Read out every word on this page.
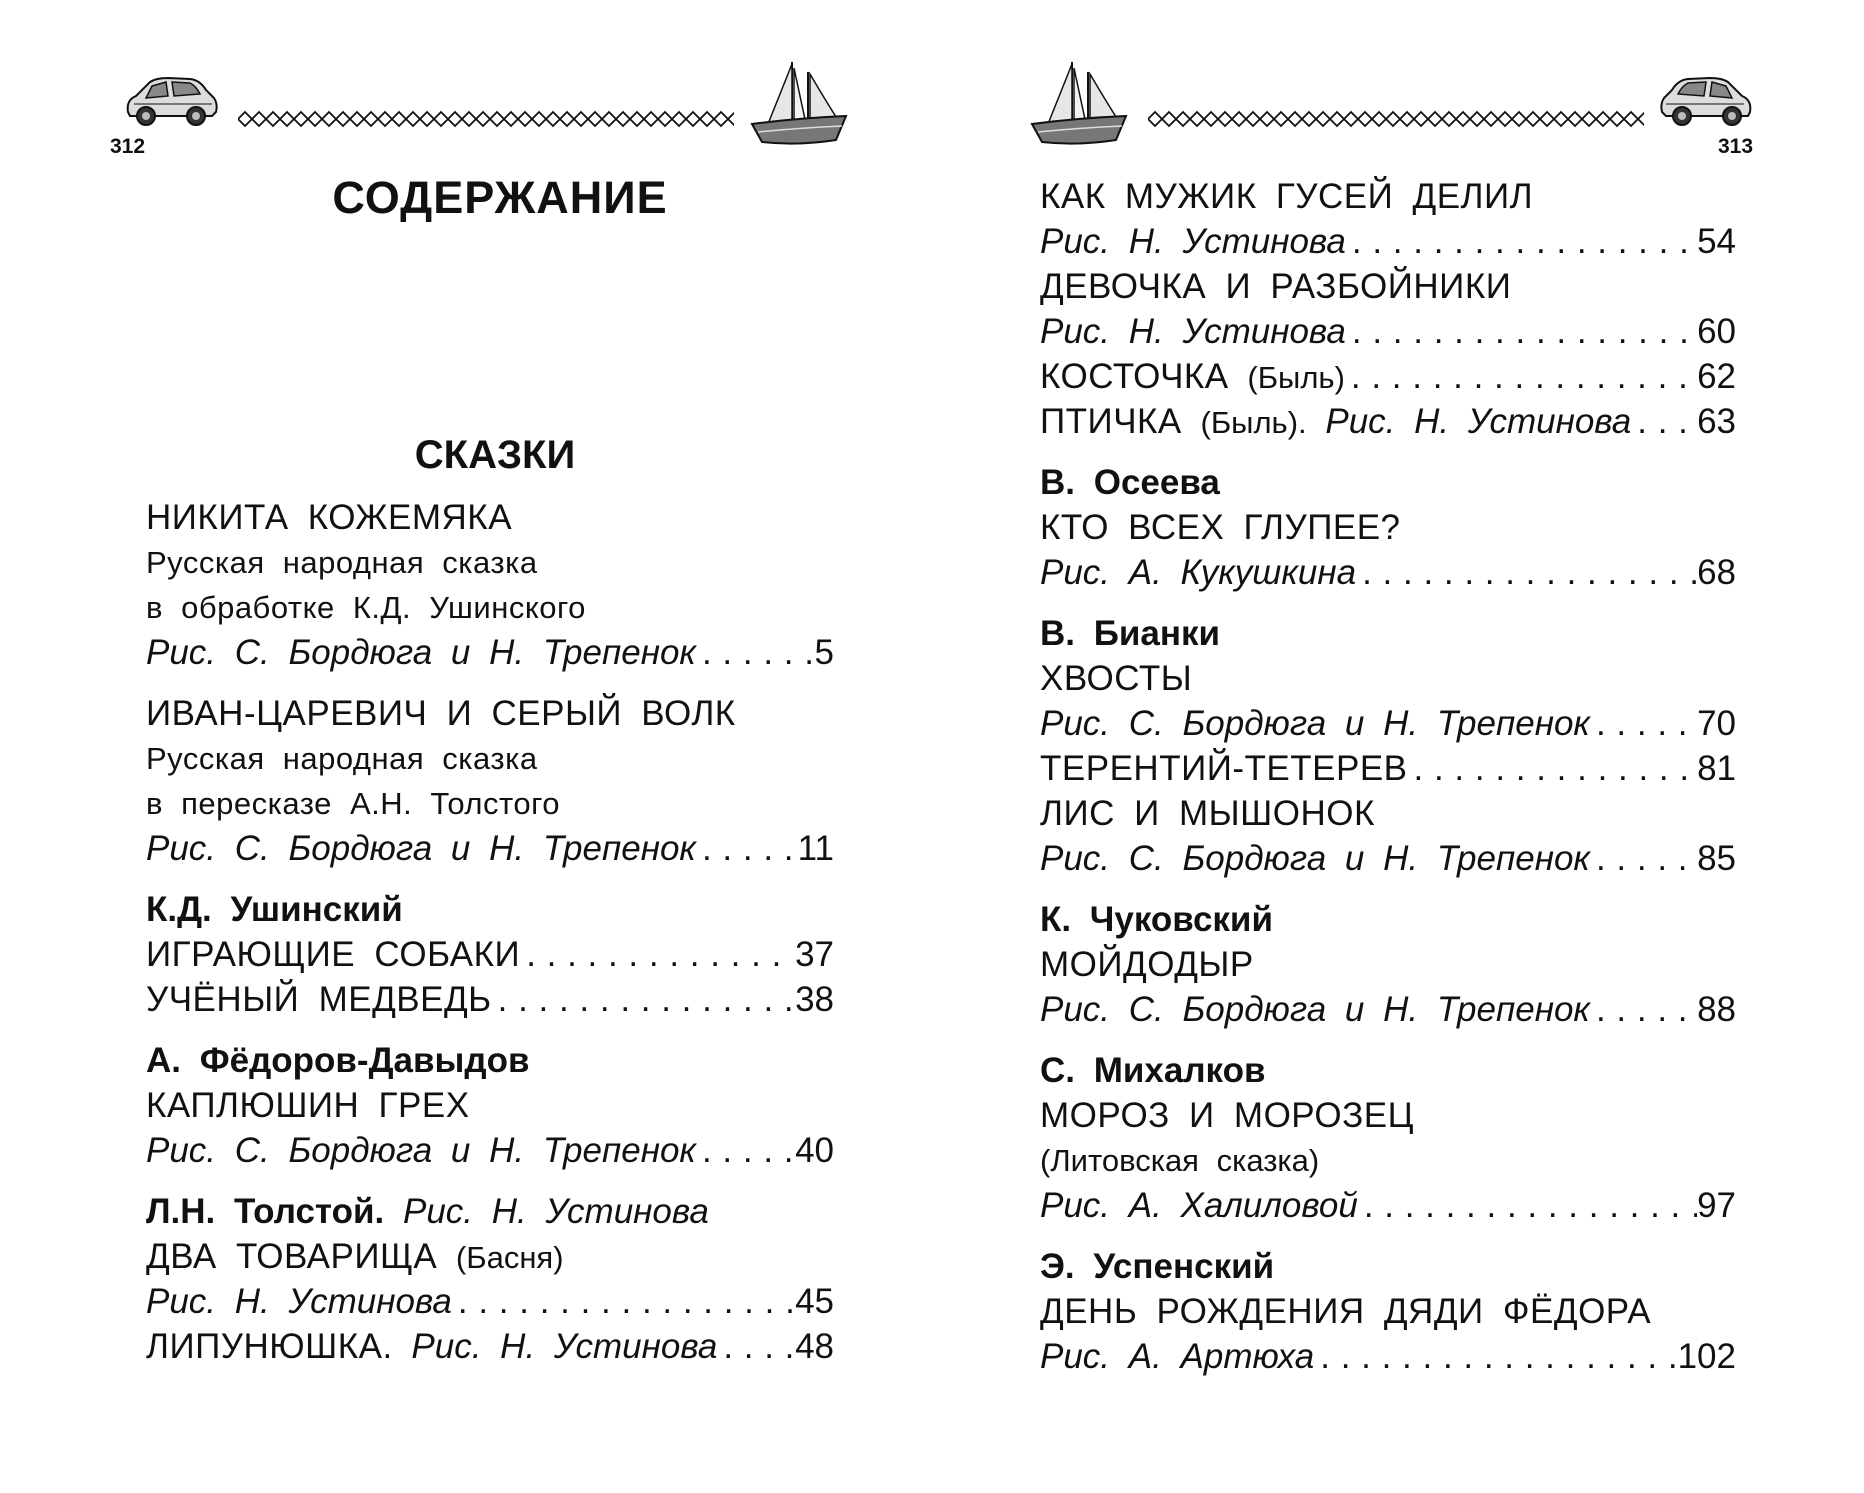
312
СОДЕРЖАНИЕ
СКАЗКИ
НИКИТА КОЖЕМЯКА
Русская народная сказка
в обработке К.Д. Ушинского
Рис. С. Бордюга и Н. Трепенок . . .	5
ИВАН-ЦАРЕВИЧ И СЕРЫЙ ВОЛК
Русская народная сказка
в пересказе А.Н. Толстого
Рис. С. Бордюга и Н. Трепенок . . .	11
К.Д. Ушинский
ИГРАЮЩИЕ СОБАКИ . . .	37
УЧЁНЫЙ МЕДВЕДЬ . . .	38
А. Фёдоров-Давыдов
КАПЛЮШИН ГРЕХ
Рис. С. Бордюга и Н. Трепенок . . .	40
Л.Н. Толстой. Рис. Н. Устинова
ДВА ТОВАРИЩА (Басня)
Рис. Н. Устинова . . .	45
ЛИПУНЮШКА. Рис. Н. Устинова . . . 48
313
КАК МУЖИК ГУСЕЙ ДЕЛИЛ
Рис. Н. Устинова . . .	54
ДЕВОЧКА И РАЗБОЙНИКИ
Рис. Н. Устинова . . .	60
КОСТОЧКА (Быль) . . .	62
ПТИЧКА (Быль). Рис. Н. Устинова . . . 63
В. Осеева
КТО ВСЕХ ГЛУПЕЕ?
Рис. А. Кукушкина . . .	68
В. Бианки
ХВОСТЫ
Рис. С. Бордюга и Н. Трепенок . . .	70
ТЕРЕНТИЙ-ТЕТЕРЕВ . . .	81
ЛИС И МЫШОНОК
Рис. С. Бордюга и Н. Трепенок . . .	85
К. Чуковский
МОЙДОДЫР
Рис. С. Бордюга и Н. Трепенок . . .	88
С. Михалков
МОРОЗ И МОРОЗЕЦ
(Литовская сказка)
Рис. А. Халиловой . . .	97
Э. Успенский
ДЕНЬ РОЖДЕНИЯ ДЯДИ ФЁДОРА
Рис. А. Артюха . . .	102
